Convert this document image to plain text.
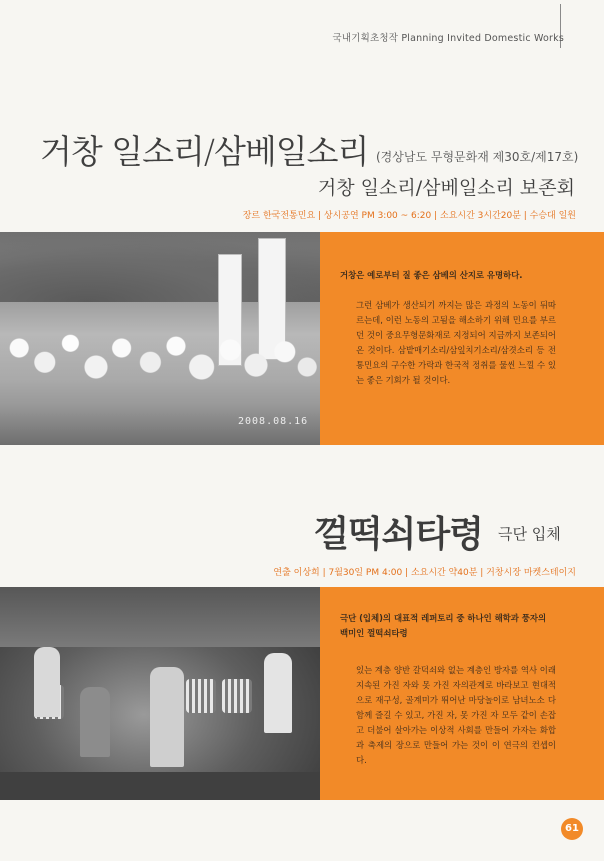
국내기획초청작 Planning Invited Domestic Works
거창 일소리/삼베일소리 (경상남도 무형문화재 제30호/제17호)
거창 일소리/삼베일소리 보존회
장르 한국전통민요 | 상시공연 PM 3:00 ~ 6:20 | 소요시간 3시간20분 | 수승대 일원
2008.08.16
거창은 예로부터 질 좋은 삼베의 산지로 유명하다.
그런 삼베가 생산되기 까지는 많은 과정의 노동이 뒤따르는데, 이런 노동의 고됨을 해소하기 위해 민요를 부르던 것이 중요무형문화재로 지정되어 지금까지 보존되어 온 것이다. 삼밭매기소리/삼잎치기소리/삼겻소리 등 전통민요의 구수한 가락과 한국적 정취를 물씬 느낄 수 있는 좋은 기회가 될 것이다.
껄떡쇠타령 극단 입체
연출 이상희 | 7월30일 PM 4:00 | 소요시간 약40분 | 거창시장 마켓스테이지
극단 (입체)의 대표적 레퍼토리 중 하나인 해학과 풍자의 백미인 껄떡쇠타령
있는 계층 양반 갈덕쇠와 없는 계층인 방자를 역사 이래 지속된 가진 자와 못 가진 자의관계로 바라보고 현대적으로 재구성, 골계미가 뛰어난 마당놀이로 남녀노소 다 함께 즐길 수 있고, 가진 자, 못 가진 자 모두 같이 손잡고 더불어 살아가는 이상적 사회를 만들어 가자는 화합과 축제의 장으로 만들어 가는 것이 이 연극의 컨셉이다.
61
